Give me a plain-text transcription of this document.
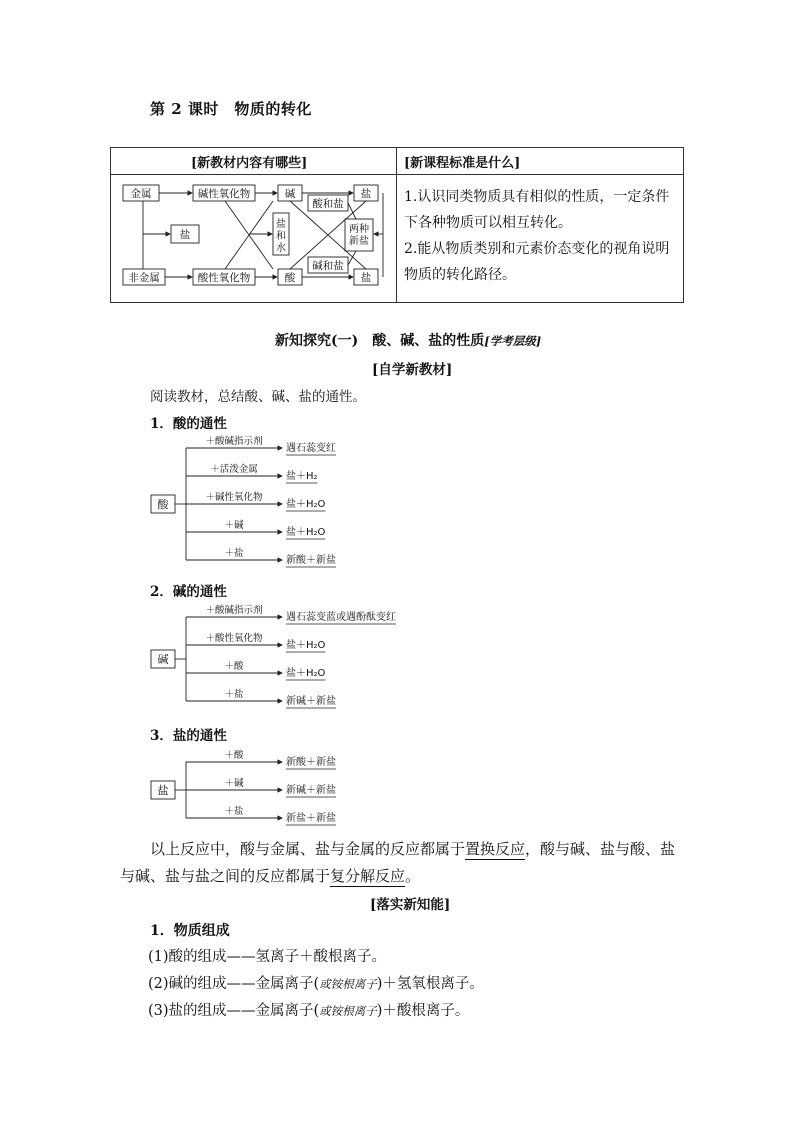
第 2 课时　物质的转化
[新教材内容有哪些]	[新课程标准是什么]
金属	碱性氧化物	碱	盐
盐
非金属	酸性氧化物	酸	盐
酸和盐
碱和盐
盐和水
两种新盐
1.认识同类物质具有相似的性质，一定条件下各种物质可以相互转化。
2.能从物质类别和元素价态变化的视角说明物质的转化路径。
新知探究(一)　酸、碱、盐的性质[学考层级]
[自学新教材]
阅读教材，总结酸、碱、盐的通性。
1．酸的通性
酸
＋酸碱指示剂
遇石蕊变红
＋活泼金属
盐＋H₂
＋碱性氧化物
盐＋H₂O
＋碱
盐＋H₂O
＋盐
新酸＋新盐
2．碱的通性
碱
＋酸碱指示剂
遇石蕊变蓝或遇酚酞变红
＋酸性氧化物
盐＋H₂O
＋酸
盐＋H₂O
＋盐
新碱＋新盐
3．盐的通性
盐
＋酸
新酸＋新盐
＋碱
新碱＋新盐
＋盐
新盐＋新盐
以上反应中，酸与金属、盐与金属的反应都属于置换反应，酸与碱、盐与酸、盐与碱、盐与盐之间的反应都属于复分解反应。
[落实新知能]
1．物质组成
(1)酸的组成——氢离子＋酸根离子。
(2)碱的组成——金属离子(或铵根离子)＋氢氧根离子。
(3)盐的组成——金属离子(或铵根离子)＋酸根离子。
